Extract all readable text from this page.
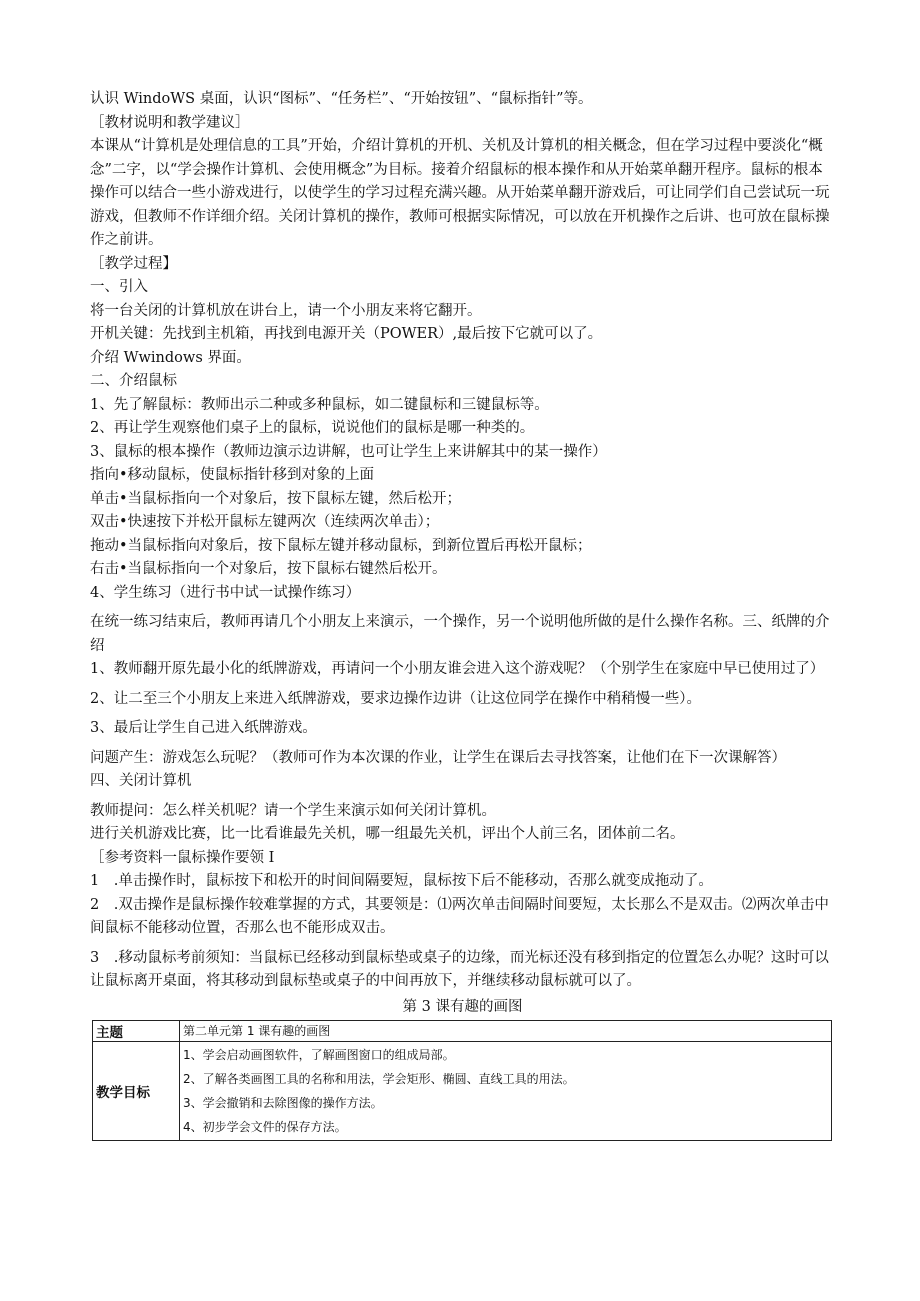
认识 WindoWS 桌面，认识“图标”、“任务栏”、“开始按钮”、“鼠标指针”等。

［教材说明和教学建议］

本课从“计算机是处理信息的工具”开始，介绍计算机的开机、关机及计算机的相关概念，但在学习过程中要淡化“概念”二字，以“学会操作计算机、会使用概念”为目标。接着介绍鼠标的根本操作和从开始菜单翻开程序。鼠标的根本操作可以结合一些小游戏进行，以使学生的学习过程充满兴趣。从开始菜单翻开游戏后，可让同学们自己尝试玩一玩游戏，但教师不作详细介绍。关闭计算机的操作，教师可根据实际情况，可以放在开机操作之后讲、也可放在鼠标操作之前讲。

［教学过程】

一、引入

将一台关闭的计算机放在讲台上，请一个小朋友来将它翻开。

开机关键：先找到主机箱，再找到电源开关（POWER）,最后按下它就可以了。

介绍 Wwindows 界面。

二、介绍鼠标

1、先了解鼠标：教师出示二种或多种鼠标，如二键鼠标和三键鼠标等。

2、再让学生观察他们桌子上的鼠标，说说他们的鼠标是哪一种类的。

3、鼠标的根本操作（教师边演示边讲解，也可让学生上来讲解其中的某一操作）

指向•移动鼠标，使鼠标指针移到对象的上面

单击•当鼠标指向一个对象后，按下鼠标左键，然后松开；

双击•快速按下并松开鼠标左键两次（连续两次单击）；

拖动•当鼠标指向对象后，按下鼠标左键并移动鼠标，到新位置后再松开鼠标；

右击•当鼠标指向一个对象后，按下鼠标右键然后松开。

4、学生练习（进行书中试一试操作练习）

在统一练习结束后，教师再请几个小朋友上来演示，一个操作，另一个说明他所做的是什么操作名称。三、纸牌的介绍

1、教师翻开原先最小化的纸牌游戏，再请问一个小朋友谁会进入这个游戏呢？（个别学生在家庭中早已使用过了）

2、让二至三个小朋友上来进入纸牌游戏，要求边操作边讲（让这位同学在操作中稍稍慢一些）。

3、最后让学生自己进入纸牌游戏。

问题产生：游戏怎么玩呢？（教师可作为本次课的作业，让学生在课后去寻找答案，让他们在下一次课解答）

四、关闭计算机

教师提问：怎么样关机呢？请一个学生来演示如何关闭计算机。

进行关机游戏比赛，比一比看谁最先关机，哪一组最先关机，评出个人前三名，团体前二名。

［参考资料一鼠标操作要领 I

1　.单击操作时，鼠标按下和松开的时间间隔要短，鼠标按下后不能移动，否那么就变成拖动了。

2　.双击操作是鼠标操作较难掌握的方式，其要领是：⑴两次单击间隔时间要短，太长那么不是双击。⑵两次单击中间鼠标不能移动位置，否那么也不能形成双击。

3　.移动鼠标考前须知：当鼠标已经移动到鼠标垫或桌子的边缘，而光标还没有移到指定的位置怎么办呢？这时可以让鼠标离开桌面，将其移动到鼠标垫或桌子的中间再放下，并继续移动鼠标就可以了。

第 3 课有趣的画图
主题	第二单元第 1 课有趣的画图
教学目标	1、学会启动画图软件，了解画图窗口的组成局部。
2、了解各类画图工具的名称和用法，学会矩形、椭圆、直线工具的用法。
3、学会撤销和去除图像的操作方法。
4、初步学会文件的保存方法。
